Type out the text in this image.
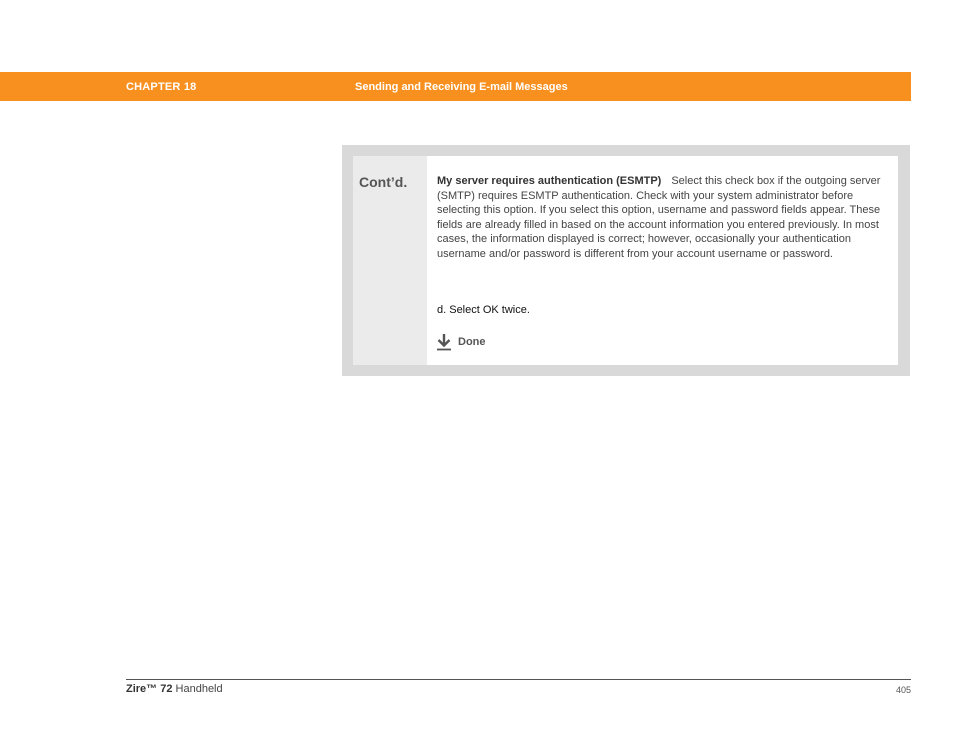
CHAPTER 18	Sending and Receiving E-mail Messages
Cont’d.	My server requires authentication (ESMTP) Select this check box if the outgoing server (SMTP) requires ESMTP authentication. Check with your system administrator before selecting this option. If you select this option, username and password fields appear. These fields are already filled in based on the account information you entered previously. In most cases, the information displayed is correct; however, occasionally your authentication username and/or password is different from your account username or password.

d. Select OK twice.
Done
Zire™ 72 Handheld	405
